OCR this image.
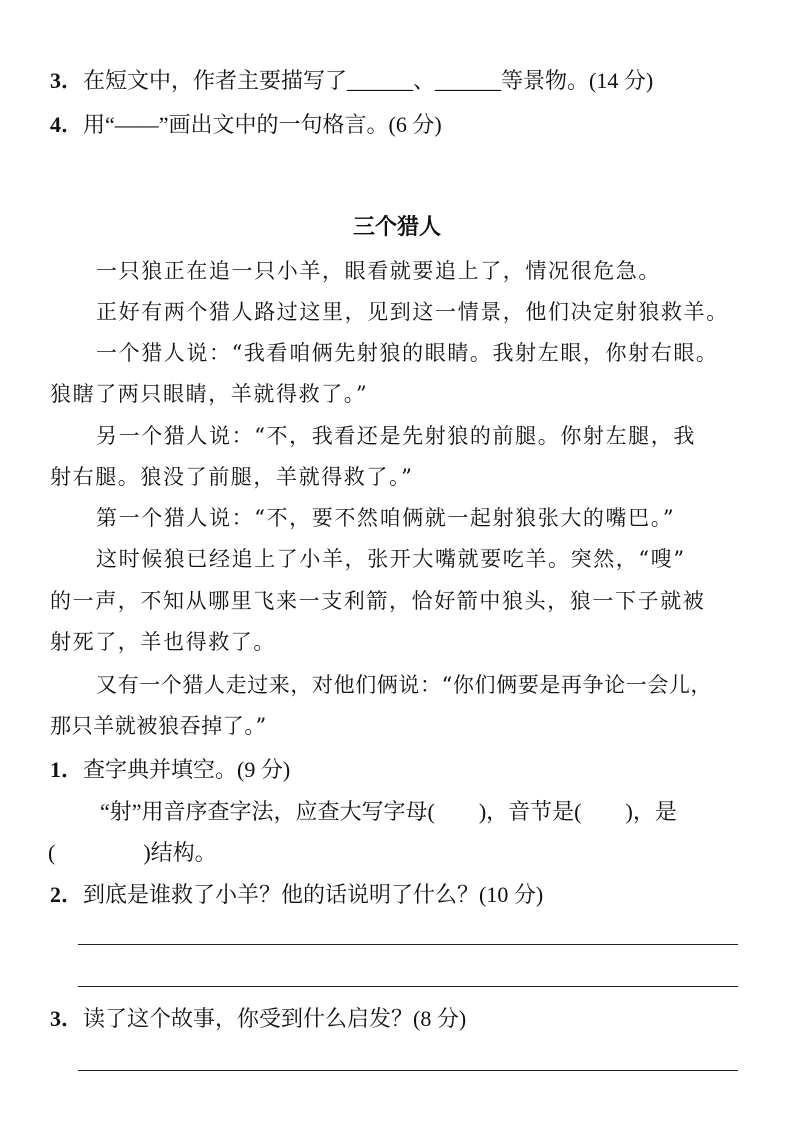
3．在短文中，作者主要描写了______、______等景物。(14 分)
4．用“——”画出文中的一句格言。(6 分)
三个猎人
一只狼正在追一只小羊，眼看就要追上了，情况很危急。
正好有两个猎人路过这里，见到这一情景，他们决定射狼救羊。
一个猎人说：“我看咱俩先射狼的眼睛。我射左眼，你射右眼。
狼瞎了两只眼睛，羊就得救了。”
另一个猎人说：“不，我看还是先射狼的前腿。你射左腿，我
射右腿。狼没了前腿，羊就得救了。”
第一个猎人说：“不，要不然咱俩就一起射狼张大的嘴巴。”
这时候狼已经追上了小羊，张开大嘴就要吃羊。突然，“嗖”
的一声，不知从哪里飞来一支利箭，恰好箭中狼头，狼一下子就被
射死了，羊也得救了。
又有一个猎人走过来，对他们俩说：“你们俩要是再争论一会儿，
那只羊就被狼吞掉了。”
1．查字典并填空。(9 分)
“射”用音序查字法，应查大写字母(　　)，音节是(　　)，是
(　　　　)结构。
2．到底是谁救了小羊？他的话说明了什么？(10 分)
3．读了这个故事，你受到什么启发？(8 分)
